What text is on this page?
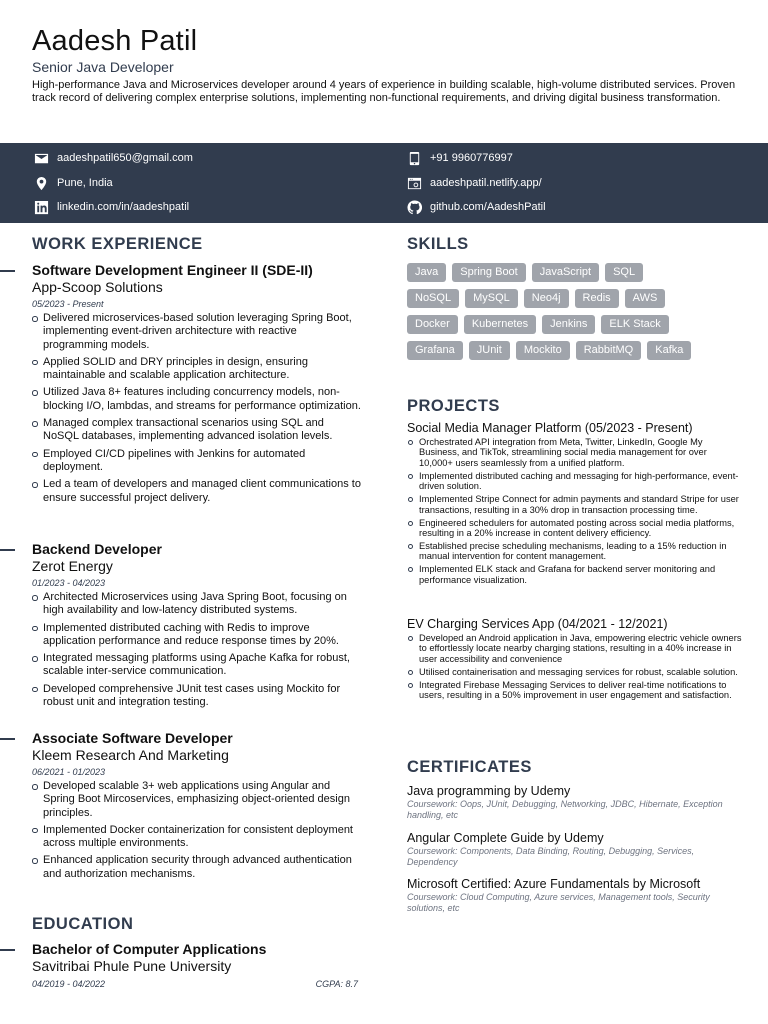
Aadesh Patil
Senior Java Developer
High-performance Java and Microservices developer around 4 years of experience in building scalable, high-volume distributed services. Proven track record of delivering complex enterprise solutions, implementing non-functional requirements, and driving digital business transformation.
aadeshpatil650@gmail.com	+91 9960776997
Pune, India	aadeshpatil.netlify.app/
linkedin.com/in/aadeshpatil	github.com/AadeshPatil
WORK EXPERIENCE
Software Development Engineer II (SDE-II)
App-Scoop Solutions
05/2023 - Present
Delivered microservices-based solution leveraging Spring Boot, implementing event-driven architecture with reactive programming models.
Applied SOLID and DRY principles in design, ensuring maintainable and scalable application architecture.
Utilized Java 8+ features including concurrency models, non-blocking I/O, lambdas, and streams for performance optimization.
Managed complex transactional scenarios using SQL and NoSQL databases, implementing advanced isolation levels.
Employed CI/CD pipelines with Jenkins for automated deployment.
Led a team of developers and managed client communications to ensure successful project delivery.
Backend Developer
Zerot Energy
01/2023 - 04/2023
Architected Microservices using Java Spring Boot, focusing on high availability and low-latency distributed systems.
Implemented distributed caching with Redis to improve application performance and reduce response times by 20%.
Integrated messaging platforms using Apache Kafka for robust, scalable inter-service communication.
Developed comprehensive JUnit test cases using Mockito for robust unit and integration testing.
Associate Software Developer
Kleem Research And Marketing
06/2021 - 01/2023
Developed scalable 3+ web applications using Angular and Spring Boot Mircoservices, emphasizing object-oriented design principles.
Implemented Docker containerization for consistent deployment across multiple environments.
Enhanced application security through advanced authentication and authorization mechanisms.
EDUCATION
Bachelor of Computer Applications
Savitribai Phule Pune University
04/2019 - 04/2022	CGPA: 8.7
SKILLS
Java	Spring Boot	JavaScript	SQL
NoSQL	MySQL	Neo4j	Redis	AWS
Docker	Kubernetes	Jenkins	ELK Stack
Grafana	JUnit	Mockito	RabbitMQ	Kafka
PROJECTS
Social Media Manager Platform (05/2023 - Present)
Orchestrated API integration from Meta, Twitter, LinkedIn, Google My Business, and TikTok, streamlining social media management for over 10,000+ users seamlessly from a unified platform.
Implemented distributed caching and messaging for high-performance, event-driven solution.
Implemented Stripe Connect for admin payments and standard Stripe for user transactions, resulting in a 30% drop in transaction processing time.
Engineered schedulers for automated posting across social media platforms, resulting in a 20% increase in content delivery efficiency.
Established precise scheduling mechanisms, leading to a 15% reduction in manual intervention for content management.
Implemented ELK stack and Grafana for backend server monitoring and performance visualization.
EV Charging Services App (04/2021 - 12/2021)
Developed an Android application in Java, empowering electric vehicle owners to effortlessly locate nearby charging stations, resulting in a 40% increase in user accessibility and convenience
Utilised containerisation and messaging services for robust, scalable solution.
Integrated Firebase Messaging Services to deliver real-time notifications to users, resulting in a 50% improvement in user engagement and satisfaction.
CERTIFICATES
Java programming by Udemy
Coursework: Oops, JUnit, Debugging, Networking, JDBC, Hibernate, Exception handling, etc
Angular Complete Guide by Udemy
Coursework: Components, Data Binding, Routing, Debugging, Services, Dependency
Microsoft Certified: Azure Fundamentals by Microsoft
Coursework: Cloud Computing, Azure services, Management tools, Security solutions, etc
